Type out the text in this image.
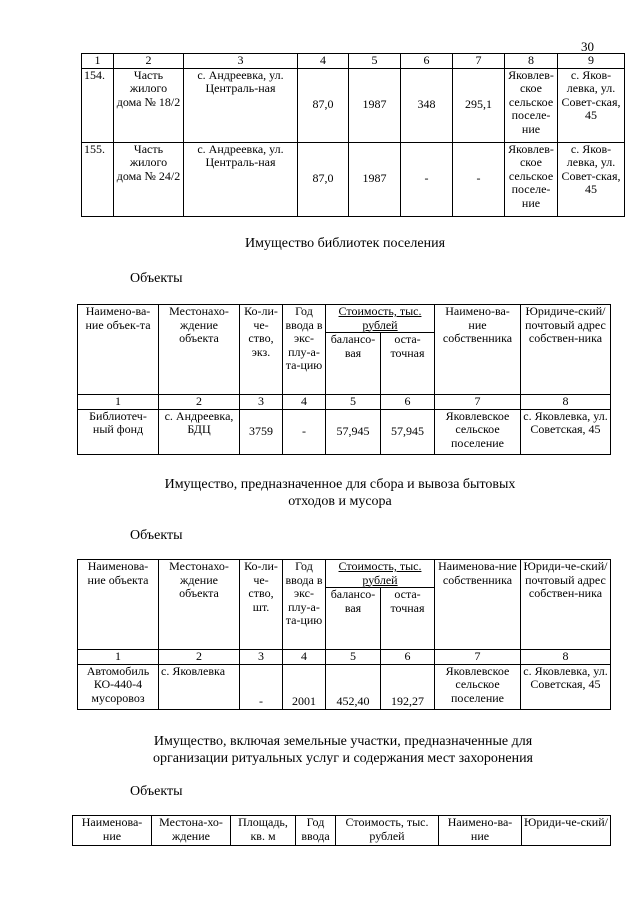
30
1	2	3	4	5	6	7	8	9
154.	Часть жилого дома № 18/2	с. Андреевка, ул. Централь-ная	87,0	1987	348	295,1	Яковлев-ское сельское поселе-ние	с. Яков-левка, ул. Совет-ская, 45
155.	Часть жилого дома № 24/2	с. Андреевка, ул. Централь-ная	87,0	1987	-	-	Яковлев-ское сельское поселе-ние	с. Яков-левка, ул. Совет-ская, 45
Имущество библиотек поселения
Объекты
Наимено-ва-ние объек-та	Местонахо-ждение объекта	Ко-ли-че-ство, экз.	Год ввода в экс-плу-а-та-цию	Стоимость, тыс. рублей		Наимено-ва-ние собственника	Юридиче-ский/ почтовый адрес собствен-ника
				балансо-вая	оста-точная		
1	2	3	4	5	6	7	8
Библиотеч-ный фонд	с. Андреевка, БДЦ	3759	-	57,945	57,945	Яковлевское сельское поселение	с. Яковлевка, ул. Советская, 45
Имущество, предназначенное для сбора и вывоза бытовых отходов и мусора
Объекты
Наименова-ние объекта	Местонахо-ждение объекта	Ко-ли-че-ство, шт.	Год ввода в экс-плу-а-та-цию	Стоимость, тыс. рублей		Наименова-ние собственника	Юриди-че-ский/ почтовый адрес собствен-ника
				балансо-вая	оста-точная		
1	2	3	4	5	6	7	8
Автомобиль КО-440-4 мусоровоз	с. Яковлевка	-	2001	452,40	192,27	Яковлевское сельское поселение	с. Яковлевка, ул. Советская, 45
Имущество, включая земельные участки, предназначенные для организации ритуальных услуг и содержания мест захоронения
Объекты
Наименова-ние	Местона-хо-ждение	Площадь, кв. м	Год ввода	Стоимость, тыс. рублей	Наимено-ва-ние	Юриди-че-ский/
